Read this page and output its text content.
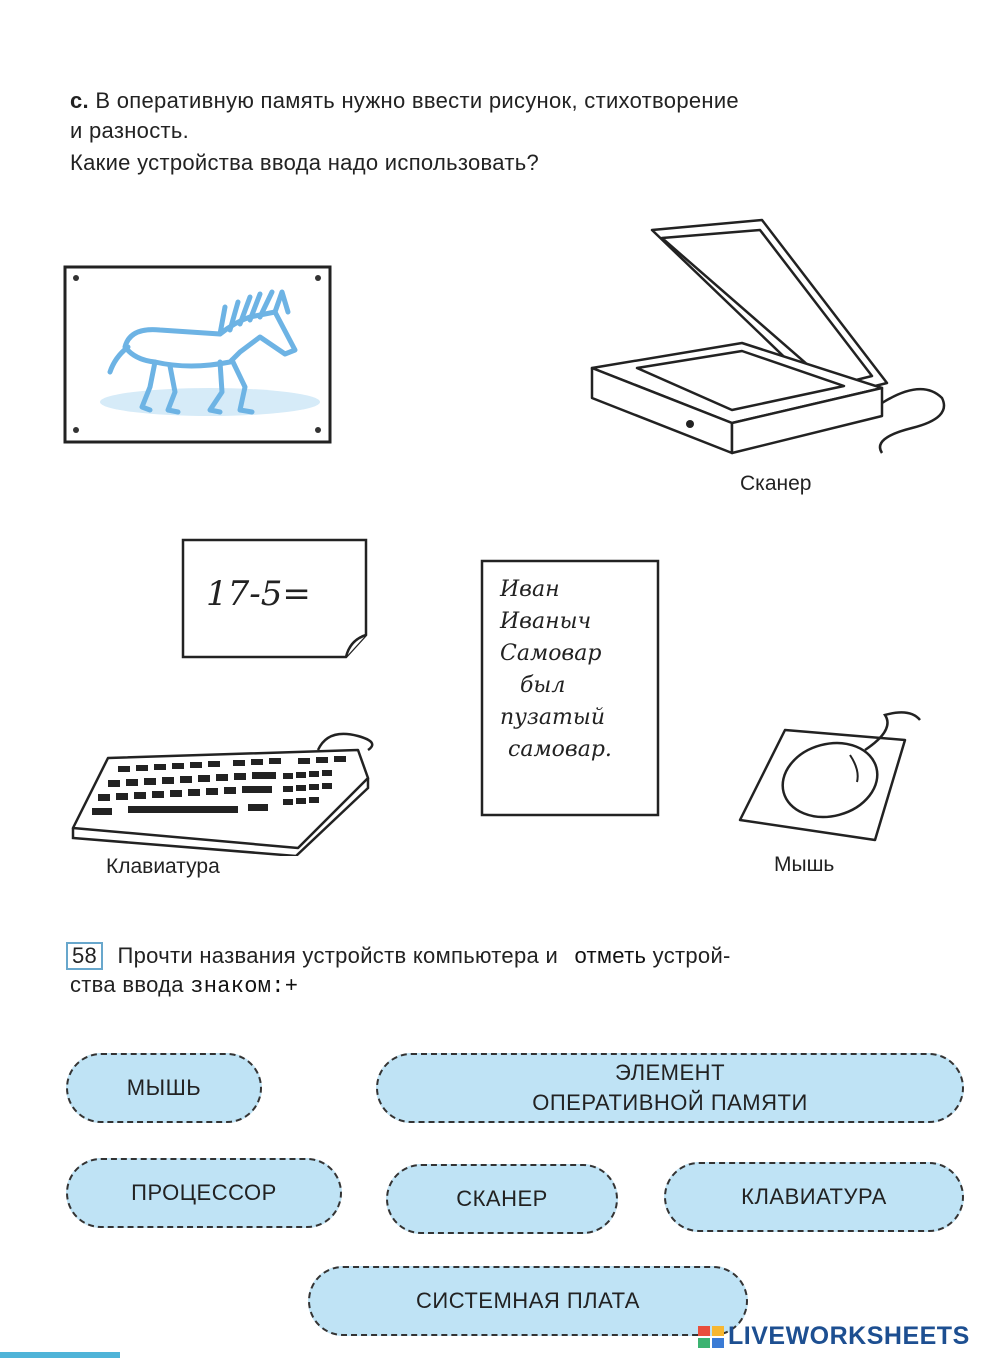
с. В оперативную память нужно ввести рисунок, стихотворение
и разность.
Какие устройства ввода надо использовать?
Сканер
17-5=	Иван
Иваныч
Самовар
был
пузатый
самовар.
Клавиатура	Мышь
58 Прочти названия устройств компьютера и отметь устрой-
ства ввода знаком:+
МЫШЬ
ЭЛЕМЕНТ ОПЕРАТИВНОЙ ПАМЯТИ
ПРОЦЕССОР	СКАНЕР	КЛАВИАТУРА
СИСТЕМНАЯ ПЛАТА
LIVEWORKSHEETS
